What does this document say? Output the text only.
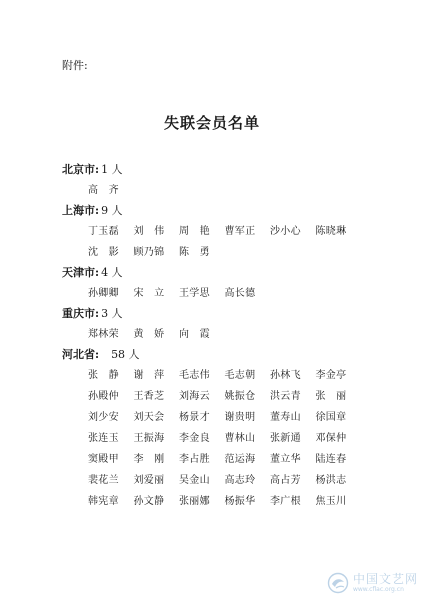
附件:
失联会员名单
北京市: 1 人
高　齐
上海市: 9 人
丁玉磊	刘　伟	周　艳	曹军正	沙小心	陈晓琳
沈　影	顾乃锦	陈　勇
天津市: 4 人
孙卿卿	宋　立	王学思	高长德
重庆市: 3 人
郑林荣	黄　娇	向　霞
河北省: 58 人
张　静	谢　萍	毛志伟	毛志朝	孙林飞	李金亭
孙殿仲	王香芝	刘海云	姚振仓	洪云青	张　丽
刘少安	刘天会	杨景才	谢贵明	董寿山	徐国章
张连玉	王振海	李金良	曹林山	张新通	邓保仲
窦殿甲	李　刚	李占胜	范运海	董立华	陆连春
裴花兰	刘爱丽	吴金山	高志玲	高占芳	杨洪志
韩宪章	孙文静	张丽娜	杨振华	李广根	焦玉川
中国文艺网
www.cflac.org.cn
